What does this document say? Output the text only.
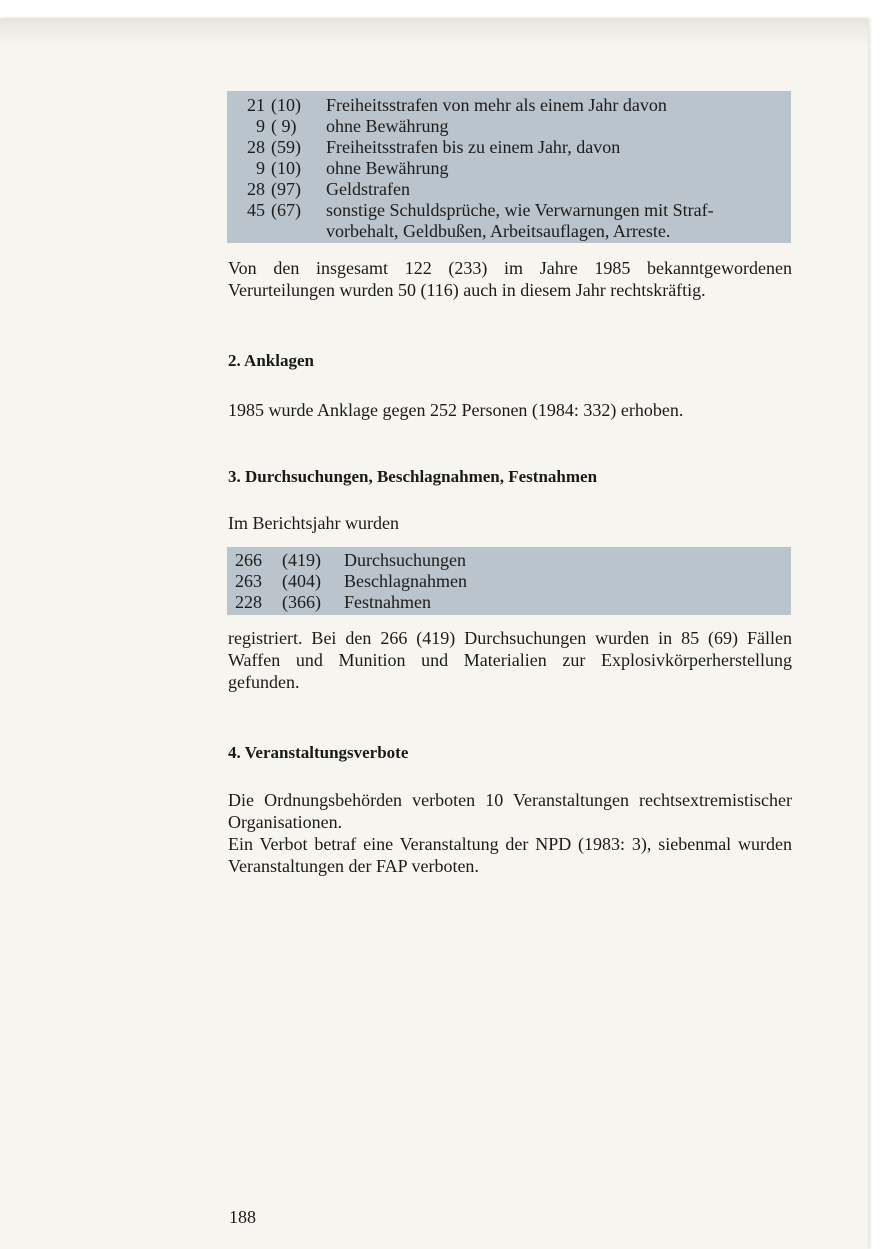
21 (10) Freiheitsstrafen von mehr als einem Jahr davon
9 ( 9) ohne Bewährung
28 (59) Freiheitsstrafen bis zu einem Jahr, davon
9 (10) ohne Bewährung
28 (97) Geldstrafen
45 (67) sonstige Schuldsprüche, wie Verwarnungen mit Straf-
vorbehalt, Geldbußen, Arbeitsauflagen, Arreste.

Von den insgesamt 122 (233) im Jahre 1985 bekanntgewordenen Verurteilungen wurden 50 (116) auch in diesem Jahr rechtskräftig.

2. Anklagen

1985 wurde Anklage gegen 252 Personen (1984: 332) erhoben.

3. Durchsuchungen, Beschlagnahmen, Festnahmen

Im Berichtsjahr wurden

266 (419) Durchsuchungen
263 (404) Beschlagnahmen
228 (366) Festnahmen

registriert. Bei den 266 (419) Durchsuchungen wurden in 85 (69) Fällen Waffen und Munition und Materialien zur Explosivkörperherstellung gefunden.

4. Veranstaltungsverbote

Die Ordnungsbehörden verboten 10 Veranstaltungen rechtsextremistischer Organisationen.

Ein Verbot betraf eine Veranstaltung der NPD (1983: 3), siebenmal wurden Veranstaltungen der FAP verboten.

188
